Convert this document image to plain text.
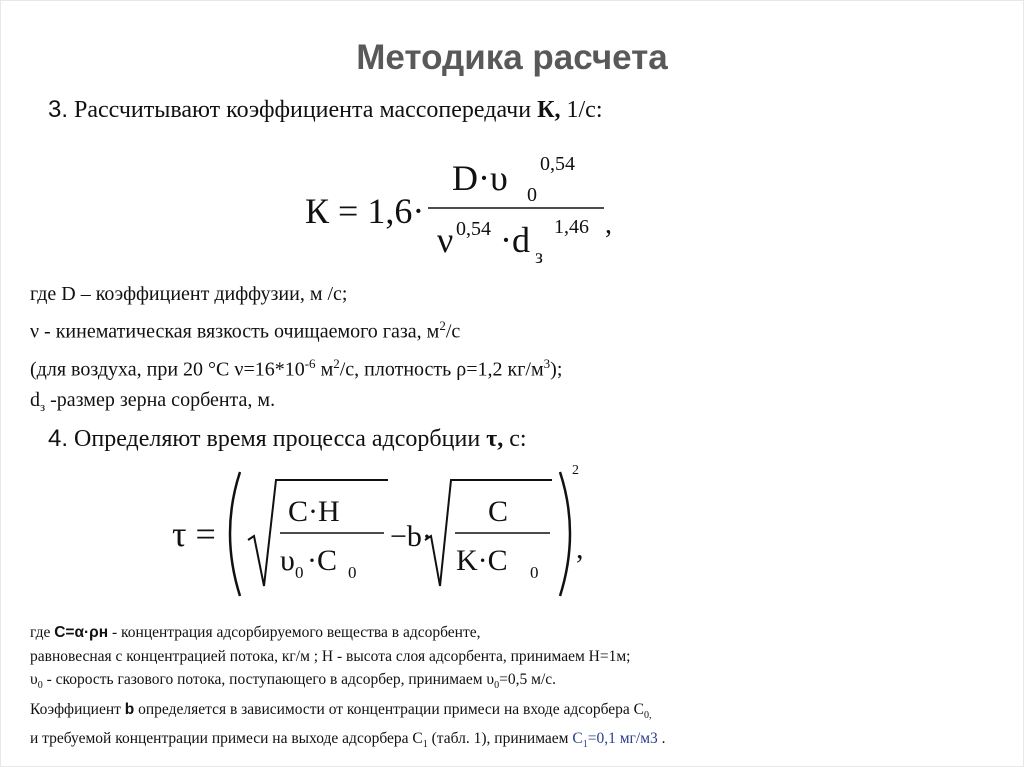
Методика расчета
3. Рассчитывают коэффициента массопередачи К, 1/с:
К = 1,6·
D·υ 0
0,54
ν 0,54 ·d з
1,46 ,
где D – коэффициент диффузии, м /с;
ν - кинематическая вязкость очищаемого газа, $м^2/с$
(для воздуха, при 20 °С $\nu=16*10^{-6}$ $м^2/с$, плотность ρ=1,2 $кг/м^3$);
$d_з$ -размер зерна сорбента, м.
4. Определяют время процесса адсорбции τ, с:
τ =
C·H
υ 0 ·C 0
−b·
C
K·C 0
2
,
где С=α·ρн - концентрация адсорбируемого вещества в адсорбенте,
равновесная с концентрацией потока, кг/м ; Н - высота слоя адсорбента, принимаем Н=1м;
$\upsilon_0$ - скорость газового потока, поступающего в адсорбер, принимаем $\upsilon_0=0,5$ м/с.
Коэффициент b определяется в зависимости от концентрации примеси на входе адсорбера $С_{0,}$
и требуемой концентрации примеси на выходе адсорбера $С_1$ (табл. 1), принимаем $С_1=0,1$ мг/м3 .
